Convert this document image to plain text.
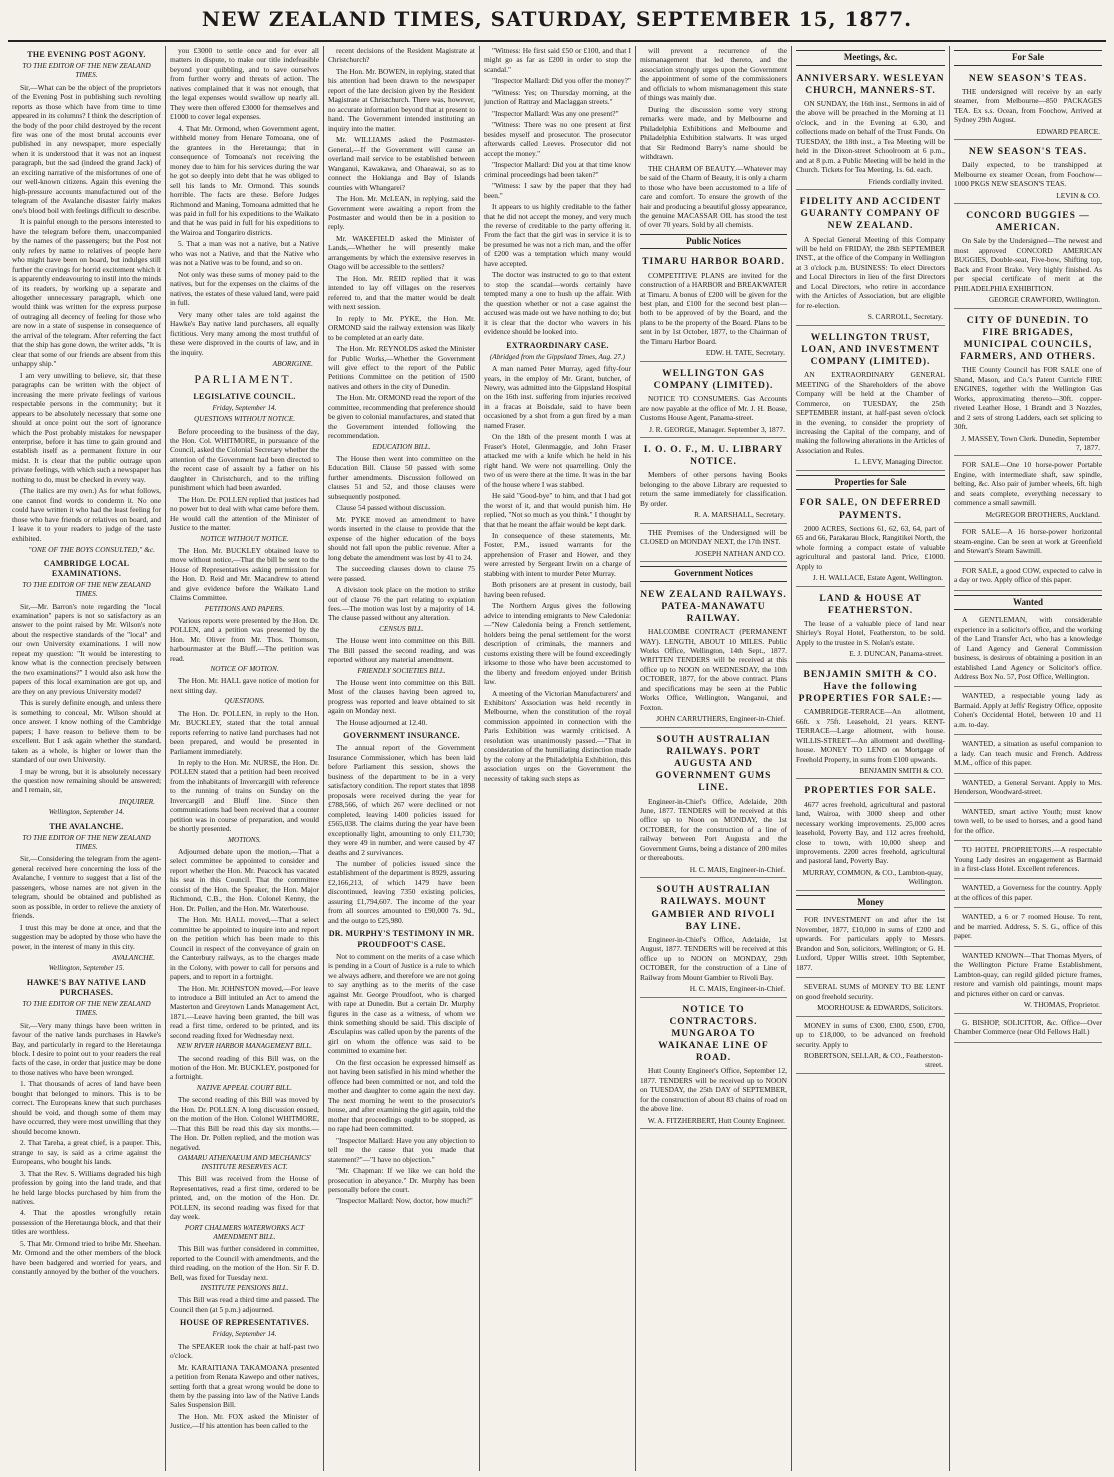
NEW ZEALAND TIMES, SATURDAY, SEPTEMBER 15, 1877.
THE EVENING POST AGONY.
TO THE EDITOR OF THE NEW ZEALAND TIMES.

Sir,—What can be the object of the proprietors of the Evening Post in publishing such revolting reports as those which have from time to time appeared in its columns? I think the description of the body of the poor child destroyed by the recent fire was one of the most brutal accounts ever published in any newspaper, more especially when it is understood that it was not an inquest paragraph, but the sad (indeed the grand Jack) of an exciting narrative of the misfortunes of one of our well-known citizens. Again this evening the high-pressure accounts manufactured out of the telegram of the Avalanche disaster fairly makes one's blood boil with feelings difficult to describe.

It is painful enough to the persons interested to have the telegram before them, unaccompanied by the names of the passengers; but the Post not only refers by name to relatives of people here who might have been on board, but indulges still further the cravings for horrid excitement which it is apparently endeavouring to instil into the minds of its readers, by working up a separate and altogether unnecessary paragraph, which one would think was written for the express purpose of outraging all decency of feeling for those who are now in a state of suspense in consequence of the arrival of the telegram. After referring the fact that the ship has gone down, the writer adds, "It is clear that some of our friends are absent from this unhappy ship."

I am very unwilling to believe, sir, that these paragraphs can be written with the object of increasing the mere private feelings of various respectable persons in the community; but it appears to be absolutely necessary that some one should at once point out the sort of ignorance which the Post probably mistakes for newspaper enterprise, before it has time to gain ground and establish itself as a permanent fixture in our midst. It is clear that the public outrage upon private feelings, with which such a newspaper has nothing to do, must be checked in every way.

(The italics are my own.) As for what follows, one cannot find words to condemn it. No one could have written it who had the least feeling for those who have friends or relatives on board, and I leave it to your readers to judge of the taste exhibited.

"ONE OF THE BOYS CONSULTED," &c.
CAMBRIDGE LOCAL EXAMINATIONS.
TO THE EDITOR OF THE NEW ZEALAND TIMES.

Sir,—Mr. Barron's note regarding the "local examination" papers is not so satisfactory as an answer to the point raised by Mr. Wilson's note about the respective standards of the "local" and our own University examinations. I will now repeat my question: "It would be interesting to know what is the connection precisely between the two examinations?" I would also ask how the papers of this local examination are got up, and are they on any previous University model?

This is surely definite enough, and unless there is something to conceal, Mr. Wilson should at once answer. I know nothing of the Cambridge papers; I have reason to believe them to be excellent. But I ask again whether the standard, taken as a whole, is higher or lower than the standard of our own University.

I may be wrong, but it is absolutely necessary the question now remaining should be answered; and I remain, sir,

INQUIRER.
Wellington, September 14.
THE AVALANCHE.
TO THE EDITOR OF THE NEW ZEALAND TIMES.

Sir,—Considering the telegram from the agent-general received here concerning the loss of the Avalanche, I venture to suggest that a list of the passengers, whose names are not given in the telegram, should be obtained and published as soon as possible, in order to relieve the anxiety of friends.

I trust this may be done at once, and that the suggestion may be adopted by those who have the power, in the interest of many in this city.

AVALANCHE.
Wellington, September 15.
HAWKE'S BAY NATIVE LAND PURCHASES.
TO THE EDITOR OF THE NEW ZEALAND TIMES.

Sir,—Very many things have been written in favour of the native lands purchases in Hawke's Bay, and particularly in regard to the Heretaunga block. I desire to point out to your readers the real facts of the case, in order that justice may be done to those natives who have been wronged.

1. That thousands of acres of land have been bought that belonged to minors. This is to be correct. The Europeans knew that such purchases should be void, and though some of them may have occurred, they were most unwilling that they should become known.

2. That Tareha, a great chief, is a pauper. This, strange to say, is said as a crime against the Europeans, who bought his lands.

3. That the Rev. S. Williams degraded his high profession by going into the land trade, and that he held large blocks purchased by him from the natives.

4. That the apostles wrongfully retain possession of the Heretaunga block, and that their titles are worthless.

5. That Mr. Ormond tried to bribe Mr. Sheehan. Mr. Ormond and the other members of the block have been badgered and worried for years, and constantly annoyed by the bother of the vouchers.

you £3000 to settle once and for ever all matters in dispute, to make our title indefeasible beyond your quibbling, and to save ourselves from further worry and threats of action. The natives complained that it was not enough, that the legal expenses would swallow up nearly all. They were then offered £3000 for themselves and £1000 to cover legal expenses.

4. That Mr. Ormond, when Government agent, withheld money from Henare Tomoana, one of the grantees in the Heretaunga; that in consequence of Tomoana's not receiving the money due to him for his services during the war he got so deeply into debt that he was obliged to sell his lands to Mr. Ormond. This sounds horrible. The facts are these. Before Judges Richmond and Maning, Tomoana admitted that he was paid in full for his expeditions to the Waikato and that he was paid in full for his expeditions to the Wairoa and Tongariro districts.

5. That a man was not a native, but a Native who was not a Native, and that the Native who was not a Native was to be found, and so on.

Not only was these sums of money paid to the natives, but for the expenses on the claims of the natives, the estates of these valued land, were paid in full.

Very many other tales are told against the Hawke's Bay native land purchasers, all equally fictitious. Very many among the most truthful of these were disproved in the courts of law, and in the inquiry.

ABORIGINE.
PARLIAMENT.
LEGISLATIVE COUNCIL.
Friday, September 14.
QUESTIONS WITHOUT NOTICE.

Before proceeding to the business of the day, the Hon. Col. WHITMORE, in pursuance of the Council, asked the Colonial Secretary whether the attention of the Government had been directed to the recent case of assault by a father on his daughter in Christchurch, and to the trifling punishment which had been awarded.

The Hon. Dr. POLLEN replied that justices had no power but to deal with what came before them. He would call the attention of the Minister of Justice to the matter.

NOTICE WITHOUT NOTICE.

The Hon. Mr. BUCKLEY obtained leave to move without notice,—That the bill be sent to the House of Representatives asking permission for the Hon. D. Reid and Mr. Macandrew to attend and give evidence before the Waikato Land Claims Committee.

PETITIONS AND PAPERS.

Various reports were presented by the Hon. Dr. POLLEN, and a petition was presented by the Hon. Mr. Oliver from Mr. Thos. Thomson, harbourmaster at the Bluff.—The petition was read.

NOTICE OF MOTION.

The Hon. Mr. HALL gave notice of motion for next sitting day.

QUESTIONS.

The Hon. Dr. POLLEN, in reply to the Hon. Mr. BUCKLEY, stated that the total annual reports referring to native land purchases had not been prepared, and would be presented in Parliament immediately.

In reply to the Hon. Mr. NURSE, the Hon. Dr. POLLEN stated that a petition had been received from the inhabitants of Invercargill with reference to the running of trains on Sunday on the Invercargill and Bluff line. Since then communications had been received that a counter petition was in course of preparation, and would be shortly presented.

MOTIONS.

Adjourned debate upon the motion,—That a select committee be appointed to consider and report whether the Hon. Mr. Peacock has vacated his seat in this Council. That the committee consist of the Hon. the Speaker, the Hon. Major Richmond, C.B., the Hon. Colonel Kenny, the Hon. Dr. Pollen, and the Hon. Mr. Waterhouse.

The Hon. Mr. HALL moved,—That a select committee be appointed to inquire into and report on the petition which has been made to this Council in respect of the conveyance of grain on the Canterbury railways, as to the charges made in the Colony, with power to call for persons and papers, and to report in a fortnight.

The Hon. Mr. JOHNSTON moved,—For leave to introduce a Bill intituled an Act to amend the Masterton and Greytown Lands Management Act, 1871.—Leave having been granted, the bill was read a first time, ordered to be printed, and its second reading fixed for Wednesday next.

NEW RIVER HARBOR MANAGEMENT BILL.

The second reading of this Bill was, on the motion of the Hon. Mr. BUCKLEY, postponed for a fortnight.

NATIVE APPEAL COURT BILL.

The second reading of this Bill was moved by the Hon. Dr. POLLEN. A long discussion ensued, on the motion of the Hon. Colonel WHITMORE,—That this Bill be read this day six months.—The Hon. Dr. Pollen replied, and the motion was negatived.

OAMARU ATHENAEUM AND MECHANICS' INSTITUTE RESERVES ACT.

This Bill was received from the House of Representatives, read a first time, ordered to be printed, and, on the motion of the Hon. Dr. POLLEN, its second reading was fixed for that day week.

PORT CHALMERS WATERWORKS ACT AMENDMENT BILL.

This Bill was further considered in committee, reported to the Council with amendments, and the third reading, on the motion of the Hon. Sir F. D. Bell, was fixed for Tuesday next.

INSTITUTE PENSIONS BILL.

This Bill was read a third time and passed. The Council then (at 5 p.m.) adjourned.

HOUSE OF REPRESENTATIVES.
Friday, September 14.

The SPEAKER took the chair at half-past two o'clock.

Mr. KARAITIANA TAKAMOANA presented a petition from Renata Kawepo and other natives, setting forth that a great wrong would be done to them by the passing into law of the Native Lands Sales Suspension Bill.

The Hon. Mr. FOX asked the Minister of Justice,—If his attention has been called to the

recent decisions of the Resident Magistrate at Christchurch?

The Hon. Mr. BOWEN, in replying, stated that his attention had been drawn to the newspaper report of the late decision given by the Resident Magistrate at Christchurch. There was, however, no accurate information beyond that at present to hand. The Government intended instituting an inquiry into the matter.

Mr. WILLIAMS asked the Postmaster-General,—If the Government will cause an overland mail service to be established between Wanganui, Kawakawa, and Ohaeawai, so as to connect the Hokianga and Bay of Islands counties with Whangarei?

The Hon. Mr. McLEAN, in replying, said the Government were awaiting a report from the Postmaster and would then be in a position to reply.

Mr. WAKEFIELD asked the Minister of Lands,—Whether he will presently make arrangements by which the extensive reserves in Otago will be accessible to the settlers?

The Hon. Mr. REID replied that it was intended to lay off villages on the reserves referred to, and that the matter would be dealt with next session.

In reply to Mr. PYKE, the Hon. Mr. ORMOND said the railway extension was likely to be completed at an early date.

The Hon. Mr. REYNOLDS asked the Minister for Public Works,—Whether the Government will give effect to the report of the Public Petitions Committee on the petition of 1500 natives and others in the city of Dunedin.

The Hon. Mr. ORMOND read the report of the committee, recommending that preference should be given to colonial manufactures, and stated that the Government intended following the recommendation.

EDUCATION BILL.

The House then went into committee on the Education Bill. Clause 50 passed with some further amendments. Discussion followed on clauses 51 and 52, and those clauses were subsequently postponed.

Clause 54 passed without discussion.

Mr. PYKE moved an amendment to have words inserted in the clause to provide that the expense of the higher education of the boys should not fall upon the public revenue. After a long debate the amendment was lost by 41 to 24.

The succeeding clauses down to clause 75 were passed.

A division took place on the motion to strike out of clause 76 the part relating to expiation fees.—The motion was lost by a majority of 14. The clause passed without any alteration.

CENSUS BILL.

The House went into committee on this Bill. The Bill passed the second reading, and was reported without any material amendment.

FRIENDLY SOCIETIES BILL.

The House went into committee on this Bill. Most of the clauses having been agreed to, progress was reported and leave obtained to sit again on Monday next.

The House adjourned at 12.40.

GOVERNMENT INSURANCE.

The annual report of the Government Insurance Commissioner, which has been laid before Parliament this session, shows the business of the department to be in a very satisfactory condition. The report states that 1898 proposals were received during the year for £788,566, of which 267 were declined or not completed, leaving 1400 policies issued for £565,038. The claims during the year have been exceptionally light, amounting to only £11,730; they were 49 in number, and were caused by 47 deaths and 2 survivances.

The number of policies issued since the establishment of the department is 8929, assuring £2,166,213, of which 1479 have been discontinued, leaving 7350 existing policies, assuring £1,794,607. The income of the year from all sources amounted to £90,000 7s. 9d., and the outgo to £25,980.

DR. MURPHY'S TESTIMONY IN MR. PROUDFOOT'S CASE.

Not to comment on the merits of a case which is pending in a Court of Justice is a rule to which we always adhere, and therefore we are not going to say anything as to the merits of the case against Mr. George Proudfoot, who is charged with rape at Dunedin. But a certain Dr. Murphy figures in the case as a witness, of whom we think something should be said. This disciple of Æsculapius was called upon by the parents of the girl on whom the offence was said to be committed to examine her.

On the first occasion he expressed himself as not having been satisfied in his mind whether the offence had been committed or not, and told the mother and daughter to come again the next day. The next morning he went to the prosecutor's house, and after examining the girl again, told the mother that proceedings ought to be stopped, as no rape had been committed.

"Inspector Mallard: Have you any objection to tell me the cause that you made that statement?"—"I have no objection."

"Mr. Chapman: If we like we can hold the prosecution in abeyance." Dr. Murphy has been personally before the court.

"Inspector Mallard: Now, doctor, how much?"

"Witness: He first said £50 or £100, and that I might go as far as £200 in order to stop the scandal."

"Inspector Mallard: Did you offer the money?"

"Witness: Yes; on Thursday morning, at the junction of Rattray and Maclaggan streets."

"Inspector Mallard: Was any one present?"

"Witness: There was no one present at first besides myself and prosecutor. The prosecutor afterwards called Leeves. Prosecutor did not accept the money."

"Inspector Mallard: Did you at that time know criminal proceedings had been taken?"

"Witness: I saw by the paper that they had been."

It appears to us highly creditable to the father that he did not accept the money, and very much the reverse of creditable to the party offering it. From the fact that the girl was in service it is to be presumed he was not a rich man, and the offer of £200 was a temptation which many would have accepted.

The doctor was instructed to go to that extent to stop the scandal—words certainly have tempted many a one to hush up the affair. With the question whether or not a case against the accused was made out we have nothing to do; but it is clear that the doctor who wavers in his evidence should be looked into.

EXTRAORDINARY CASE.
(Abridged from the Gippsland Times, Aug. 27.)

A man named Peter Murray, aged fifty-four years, in the employ of Mr. Grant, butcher, of Newry, was admitted into the Gippsland Hospital on the 16th inst. suffering from injuries received in a fracas at Boisdale, said to have been occasioned by a shot from a gun fired by a man named Fraser.

On the 18th of the present month I was at Fraser's Hotel, Glenmaggie, and John Fraser attacked me with a knife which he held in his right hand. We were not quarrelling. Only the two of us were there at the time. It was in the bar of the house where I was stabbed.

He said "Good-bye" to him, and that I had got the worst of it, and that would punish him. He replied, "Not so much as you think." I thought by that that he meant the affair would be kept dark.

In consequence of these statements, Mr. Foster, P.M., issued warrants for the apprehension of Fraser and Hower, and they were arrested by Sergeant Irwin on a charge of stabbing with intent to murder Peter Murray.

Both prisoners are at present in custody, bail having been refused.

The Northern Argus gives the following advice to intending emigrants to New Caledonia:—"New Caledonia being a French settlement, holders being the penal settlement for the worst description of criminals, the manners and customs existing there will be found exceedingly irksome to those who have been accustomed to the liberty and freedom enjoyed under British law.

A meeting of the Victorian Manufacturers' and Exhibitors' Association was held recently in Melbourne, when the constitution of the royal commission appointed in connection with the Paris Exhibition was warmly criticised. A resolution was unanimously passed.—"That in consideration of the humiliating distinction made by the colony at the Philadelphia Exhibition, this association urges on the Government the necessity of taking such steps as

will prevent a recurrence of the mismanagement that led thereto, and the association strongly urges upon the Government the appointment of some of the commissioners and officials to whom mismanagement this state of things was mainly due.

During the discussion some very strong remarks were made, and by Melbourne and Philadelphia Exhibitions and Melbourne and Philadelphia Exhibition stalwarts. It was urged that Sir Redmond Barry's name should be withdrawn.

THE CHARM OF BEAUTY.—Whatever may be said of the Charm of Beauty, it is only a charm to those who have been accustomed to a life of care and comfort. To ensure the growth of the hair and producing a beautiful glossy appearance, the genuine MACASSAR OIL has stood the test of over 70 years. Sold by all chemists.

Public Notices
TIMARU HARBOR BOARD.

COMPETITIVE PLANS are invited for the construction of a HARBOR and BREAKWATER at Timaru. A bonus of £200 will be given for the best plan, and £100 for the second best plan—both to be approved of by the Board, and the plans to be the property of the Board. Plans to be sent in by 1st October, 1877, to the Chairman of the Timaru Harbor Board.

EDW. H. TATE, Secretary.
WELLINGTON GAS COMPANY (LIMITED).

NOTICE TO CONSUMERS. Gas Accounts are now payable at the office of Mr. J. H. Boase, Customs House Agent, Panama-street.

J. R. GEORGE, Manager. September 3, 1877.
I. O. O. F., M. U. LIBRARY NOTICE.

Members of other persons having Books belonging to the above Library are requested to return the same immediately for classification. By order.

R. A. MARSHALL, Secretary.

THE Premises of the Undersigned will be CLOSED on MONDAY NEXT, the 17th INST.

JOSEPH NATHAN AND CO.
Government Notices
NEW ZEALAND RAILWAYS. PATEA-MANAWATU RAILWAY.

HALCOMBE CONTRACT (PERMANENT WAY). LENGTH, ABOUT 10 MILES. Public Works Office, Wellington, 14th Sept., 1877. WRITTEN TENDERS will be received at this office up to NOON on WEDNESDAY, the 10th OCTOBER, 1877, for the above contract. Plans and specifications may be seen at the Public Works Office, Wellington, Wanganui, and Foxton.

JOHN CARRUTHERS, Engineer-in-Chief.
SOUTH AUSTRALIAN RAILWAYS. PORT AUGUSTA AND GOVERNMENT GUMS LINE.

Engineer-in-Chief's Office, Adelaide, 20th June, 1877. TENDERS will be received at this office up to Noon on MONDAY, the 1st OCTOBER, for the construction of a line of railway between Port Augusta and the Government Gums, being a distance of 200 miles or thereabouts.

H. C. MAIS, Engineer-in-Chief.
SOUTH AUSTRALIAN RAILWAYS. MOUNT GAMBIER AND RIVOLI BAY LINE.

Engineer-in-Chief's Office, Adelaide, 1st August, 1877. TENDERS will be received at this office up to NOON on MONDAY, 29th OCTOBER, for the construction of a Line of Railway from Mount Gambier to Rivoli Bay.

H. C. MAIS, Engineer-in-Chief.
NOTICE TO CONTRACTORS. MUNGAROA TO WAIKANAE LINE OF ROAD.

Hutt County Engineer's Office, September 12, 1877. TENDERS will be received up to NOON on TUESDAY, the 25th DAY of SEPTEMBER, for the construction of about 83 chains of road on the above line.

W. A. FITZHERBERT, Hutt County Engineer.
Meetings, &c.
ANNIVERSARY. WESLEYAN CHURCH, MANNERS-ST.

ON SUNDAY, the 16th inst., Sermons in aid of the above will be preached in the Morning at 11 o'clock, and in the Evening at 6.30, and collections made on behalf of the Trust Funds. On TUESDAY, the 18th inst., a Tea Meeting will be held in the Dixon-street Schoolroom at 6 p.m., and at 8 p.m. a Public Meeting will be held in the Church. Tickets for Tea Meeting, 1s. 6d. each.

Friends cordially invited.
FIDELITY AND ACCIDENT GUARANTY COMPANY OF NEW ZEALAND.

A Special General Meeting of this Company will be held on FRIDAY, the 28th SEPTEMBER INST., at the office of the Company in Wellington at 3 o'clock p.m. BUSINESS: To elect Directors and Local Directors in lieu of the first Directors and Local Directors, who retire in accordance with the Articles of Association, but are eligible for re-election.

S. CARROLL, Secretary.
WELLINGTON TRUST, LOAN, AND INVESTMENT COMPANY (LIMITED).

AN EXTRAORDINARY GENERAL MEETING of the Shareholders of the above Company will be held at the Chamber of Commerce, on TUESDAY, the 25th SEPTEMBER instant, at half-past seven o'clock in the evening, to consider the propriety of increasing the Capital of the company, and of making the following alterations in the Articles of Association and Rules.

L. LEVY, Managing Director.
Properties for Sale
FOR SALE, ON DEFERRED PAYMENTS.

2000 ACRES, Sections 61, 62, 63, 64, part of 65 and 66, Parakarau Block, Rangitikei North, the whole forming a compact estate of valuable agricultural and pastoral land. Price, £1000. Apply to

J. H. WALLACE, Estate Agent, Wellington.
LAND & HOUSE AT FEATHERSTON.

The lease of a valuable piece of land near Shirley's Royal Hotel, Featherston, to be sold. Apply to the trustee in S. Nolan's estate.

E. J. DUNCAN, Panama-street.
BENJAMIN SMITH & CO. Have the following PROPERTIES FOR SALE:—

CAMBRIDGE-TERRACE—An allotment, 66ft. x 75ft. Leasehold, 21 years. KENT-TERRACE—Large allotment, with house. WILLIS-STREET—An allotment and dwelling-house. MONEY TO LEND on Mortgage of Freehold Property, in sums from £100 upwards.

BENJAMIN SMITH & CO.
PROPERTIES FOR SALE.

4677 acres freehold, agricultural and pastoral land, Wairoa, with 3000 sheep and other necessary working improvements. 25,000 acres leasehold, Poverty Bay, and 112 acres freehold, close to town, with 10,000 sheep and improvements. 2200 acres freehold, agricultural and pastoral land, Poverty Bay.

MURRAY, COMMON, & CO., Lambton-quay, Wellington.
Money

FOR INVESTMENT on and after the 1st November, 1877, £10,000 in sums of £200 and upwards. For particulars apply to Messrs. Brandon and Son, solicitors, Wellington; or G. H. Luxford, Upper Willis street. 10th September, 1877.

SEVERAL SUMS of MONEY TO BE LENT on good freehold security.

MOORHOUSE & EDWARDS, Solicitors.

MONEY in sums of £300, £300, £500, £700, up to £18,000, to be advanced on freehold security. Apply to

ROBERTSON, SELLAR, & CO., Featherston-street.
For Sale
NEW SEASON'S TEAS.

THE undersigned will receive by an early steamer, from Melbourne—850 PACKAGES TEA. Ex s.s. Ocean, from Foochow, Arrived at Sydney 29th August.

EDWARD PEARCE.
NEW SEASON'S TEAS.

Daily expected, to be transhipped at Melbourne ex steamer Ocean, from Foochow—1000 PKGS NEW SEASON'S TEAS.

LEVIN & CO.
CONCORD BUGGIES — AMERICAN.

On Sale by the Undersigned—The newest and most approved CONCORD AMERICAN BUGGIES, Double-seat, Five-bow, Shifting top, Back and Front Brake. Very highly finished. As per special certificate of merit at the PHILADELPHIA EXHIBITION.

GEORGE CRAWFORD, Wellington.
CITY OF DUNEDIN. TO FIRE BRIGADES, MUNICIPAL COUNCILS, FARMERS, AND OTHERS.

THE County Council has FOR SALE one of Shand, Mason, and Co.'s Patent Curricle FIRE ENGINES, together with the Wellington Gas Works, approximating thereto—30ft. copper-riveted Leather Hose, 1 Brandt and 3 Nozzles, and 2 sets of strong Ladders, each set splicing to 30ft.

J. MASSEY, Town Clerk. Dunedin, September 7, 1877.

FOR SALE—One 10 horse-power Portable Engine, with intermediate shaft, saw spindle, belting, &c. Also pair of jumber wheels, 6ft. high and seats complete, everything necessary to commence a small sawmill.

McGREGOR BROTHERS, Auckland.

FOR SALE—A 16 horse-power horizontal steam-engine. Can be seen at work at Greenfield and Stewart's Steam Sawmill.

FOR SALE, a good COW, expected to calve in a day or two. Apply office of this paper.

Wanted

A GENTLEMAN, with considerable experience in a solicitor's office, and the working of the Land Transfer Act, who has a knowledge of Land Agency and General Commission business, is desirous of obtaining a position in an established Land Agency or Solicitor's office. Address Box No. 57, Post Office, Wellington.

WANTED, a respectable young lady as Barmaid. Apply at Jeffs' Registry Office, opposite Cohen's Occidental Hotel, between 10 and 11 a.m. to-day.

WANTED, a situation as useful companion to a lady. Can teach music and French. Address M.M., office of this paper.

WANTED, a General Servant. Apply to Mrs. Henderson, Woodward-street.

WANTED, smart active Youth; must know town well, to be used to horses, and a good hand for the office.

TO HOTEL PROPRIETORS.—A respectable Young Lady desires an engagement as Barmaid in a first-class Hotel. Excellent references.

WANTED, a Governess for the country. Apply at the offices of this paper.

WANTED, a 6 or 7 roomed House. To rent, and be married. Address, S. S. G., office of this paper.

WANTED KNOWN—That Thomas Myers, of the Wellington Picture Frame Establishment, Lambton-quay, can regild gilded picture frames, restore and varnish old paintings, mount maps and pictures either on card or canvas.

W. THOMAS, Proprietor.

G. BISHOP, SOLICITOR, &c. Office—Over Chamber Commerce (near Old Fellows Hall.)
